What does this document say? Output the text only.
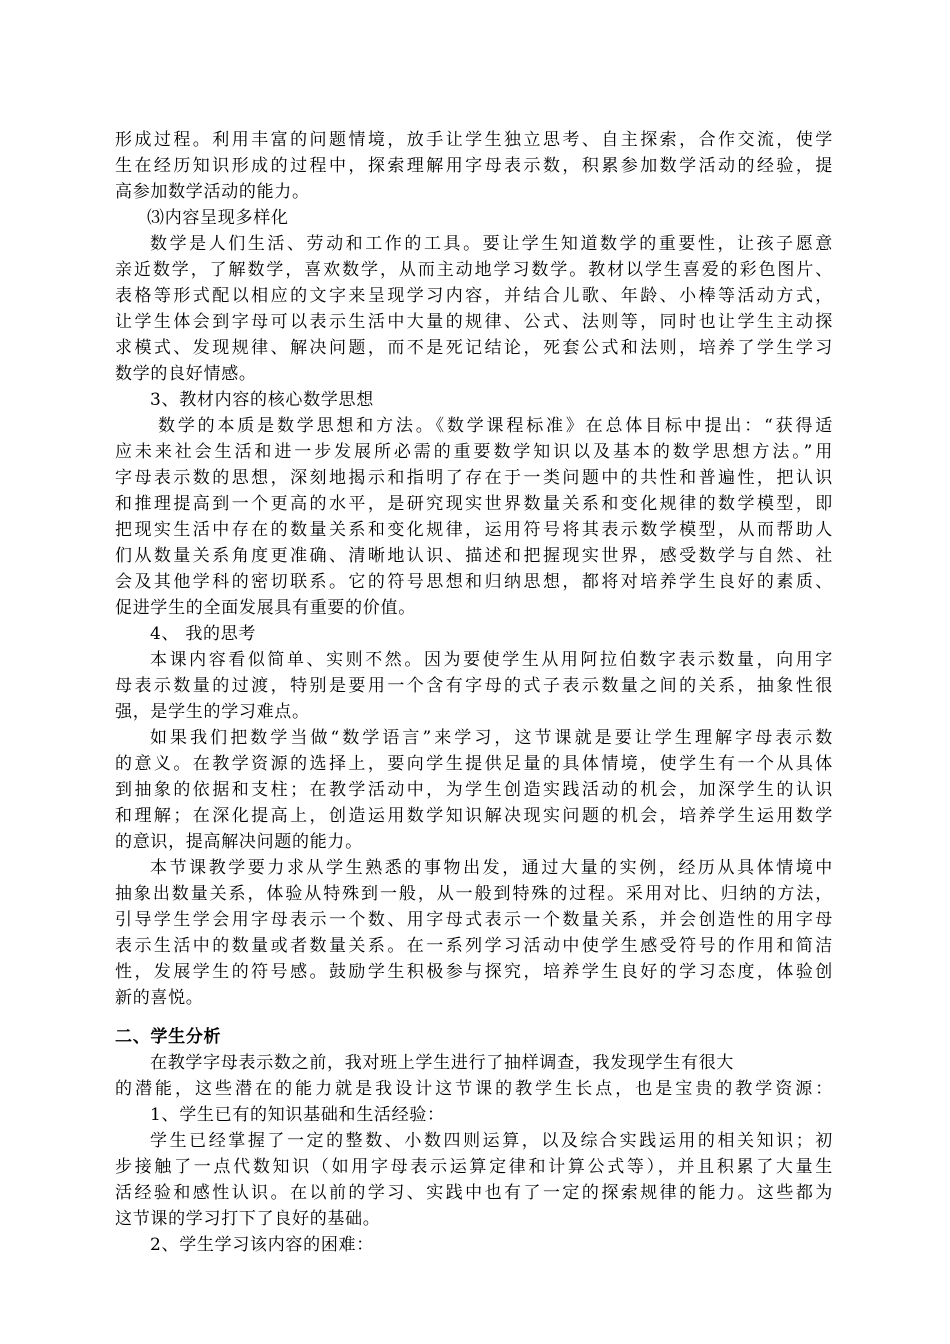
形成过程。利用丰富的问题情境，放手让学生独立思考、自主探索，合作交流，使学
生在经历知识形成的过程中，探索理解用字母表示数，积累参加数学活动的经验，提
高参加数学活动的能力。
⑶内容呈现多样化
数学是人们生活、劳动和工作的工具。要让学生知道数学的重要性，让孩子愿意
亲近数学，了解数学，喜欢数学，从而主动地学习数学。教材以学生喜爱的彩色图片、
表格等形式配以相应的文字来呈现学习内容，并结合儿歌、年龄、小棒等活动方式，
让学生体会到字母可以表示生活中大量的规律、公式、法则等，同时也让学生主动探
求模式、发现规律、解决问题，而不是死记结论，死套公式和法则，培养了学生学习
数学的良好情感。
3、教材内容的核心数学思想
数学的本质是数学思想和方法。《数学课程标准》在总体目标中提出：“获得适
应未来社会生活和进一步发展所必需的重要数学知识以及基本的数学思想方法。”用
字母表示数的思想，深刻地揭示和指明了存在于一类问题中的共性和普遍性，把认识
和推理提高到一个更高的水平，是研究现实世界数量关系和变化规律的数学模型，即
把现实生活中存在的数量关系和变化规律，运用符号将其表示数学模型，从而帮助人
们从数量关系角度更准确、清晰地认识、描述和把握现实世界，感受数学与自然、社
会及其他学科的密切联系。它的符号思想和归纳思想，都将对培养学生良好的素质、
促进学生的全面发展具有重要的价值。
4、 我的思考
本课内容看似简单、实则不然。因为要使学生从用阿拉伯数字表示数量，向用字
母表示数量的过渡，特别是要用一个含有字母的式子表示数量之间的关系，抽象性很
强，是学生的学习难点。
如果我们把数学当做“数学语言”来学习，这节课就是要让学生理解字母表示数
的意义。在教学资源的选择上，要向学生提供足量的具体情境，使学生有一个从具体
到抽象的依据和支柱；在教学活动中，为学生创造实践活动的机会，加深学生的认识
和理解；在深化提高上，创造运用数学知识解决现实问题的机会，培养学生运用数学
的意识，提高解决问题的能力。
本节课教学要力求从学生熟悉的事物出发，通过大量的实例，经历从具体情境中
抽象出数量关系，体验从特殊到一般，从一般到特殊的过程。采用对比、归纳的方法，
引导学生学会用字母表示一个数、用字母式表示一个数量关系，并会创造性的用字母
表示生活中的数量或者数量关系。在一系列学习活动中使学生感受符号的作用和简洁
性，发展学生的符号感。鼓励学生积极参与探究，培养学生良好的学习态度，体验创
新的喜悦。
二、学生分析
在教学字母表示数之前，我对班上学生进行了抽样调查，我发现学生有很大
的潜能，这些潜在的能力就是我设计这节课的教学生长点，也是宝贵的教学资源：
1、学生已有的知识基础和生活经验：
学生已经掌握了一定的整数、小数四则运算，以及综合实践运用的相关知识；初
步接触了一点代数知识（如用字母表示运算定律和计算公式等），并且积累了大量生
活经验和感性认识。在以前的学习、实践中也有了一定的探索规律的能力。这些都为
这节课的学习打下了良好的基础。
2、学生学习该内容的困难：
